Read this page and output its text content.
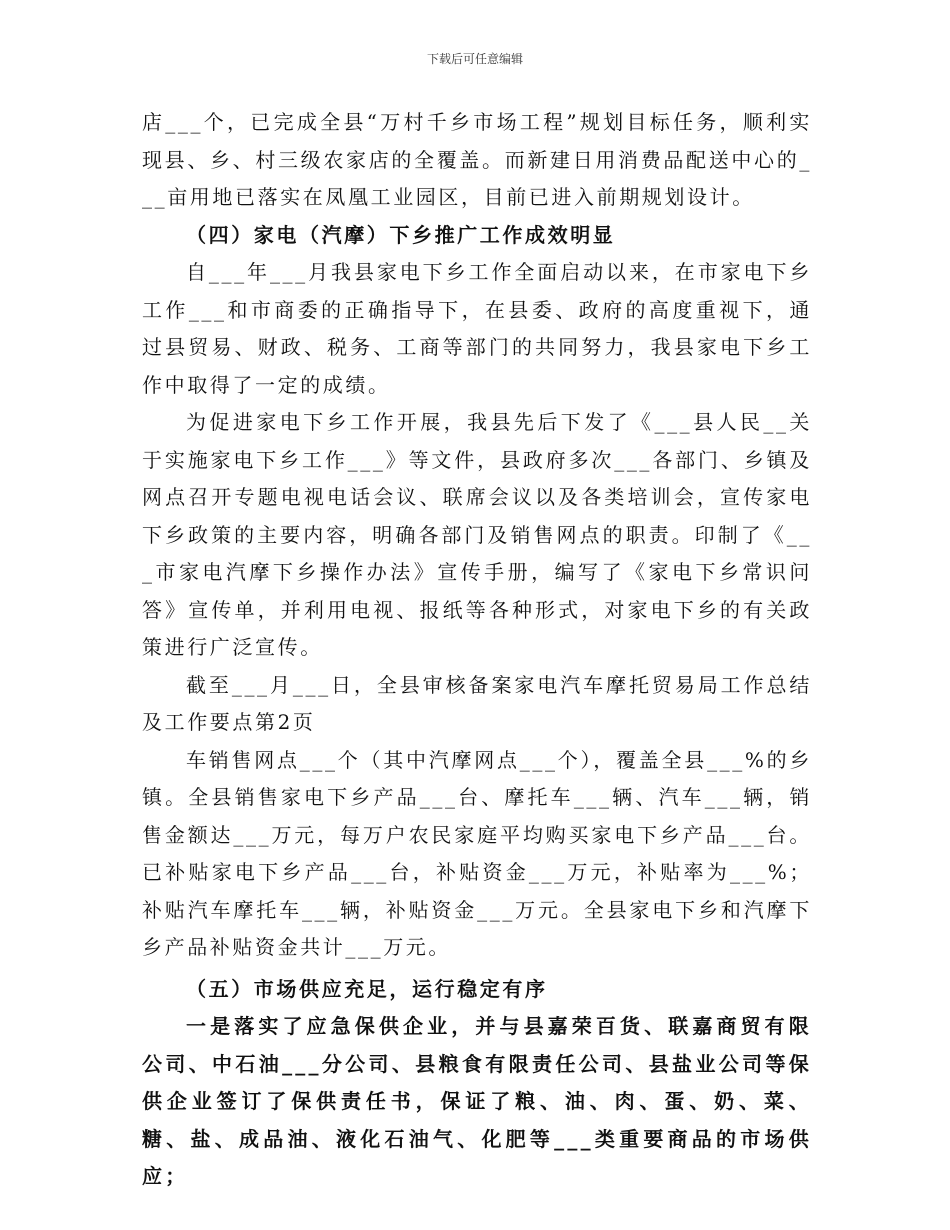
下载后可任意编辑

店___个，已完成全县“万村千乡市场工程”规划目标任务，顺利实现县、乡、村三级农家店的全覆盖。而新建日用消费品配送中心的___亩用地已落实在凤凰工业园区，目前已进入前期规划设计。

（四）家电（汽摩）下乡推广工作成效明显

自___年___月我县家电下乡工作全面启动以来，在市家电下乡工作___和市商委的正确指导下，在县委、政府的高度重视下，通过县贸易、财政、税务、工商等部门的共同努力，我县家电下乡工作中取得了一定的成绩。

为促进家电下乡工作开展，我县先后下发了《___县人民__关于实施家电下乡工作___》等文件，县政府多次___各部门、乡镇及网点召开专题电视电话会议、联席会议以及各类培训会，宣传家电下乡政策的主要内容，明确各部门及销售网点的职责。印制了《___市家电汽摩下乡操作办法》宣传手册，编写了《家电下乡常识问答》宣传单，并利用电视、报纸等各种形式，对家电下乡的有关政策进行广泛宣传。

截至___月___日，全县审核备案家电汽车摩托贸易局工作总结及工作要点第2页

车销售网点___个（其中汽摩网点___个），覆盖全县___%的乡镇。全县销售家电下乡产品___台、摩托车___辆、汽车___辆，销售金额达___万元，每万户农民家庭平均购买家电下乡产品___台。已补贴家电下乡产品___台，补贴资金___万元，补贴率为___%；补贴汽车摩托车___辆，补贴资金___万元。全县家电下乡和汽摩下乡产品补贴资金共计___万元。

（五）市场供应充足，运行稳定有序

一是落实了应急保供企业，并与县嘉荣百货、联嘉商贸有限公司、中石油___分公司、县粮食有限责任公司、县盐业公司等保供企业签订了保供责任书，保证了粮、油、肉、蛋、奶、菜、糖、盐、成品油、液化石油气、化肥等___类重要商品的市场供应；
